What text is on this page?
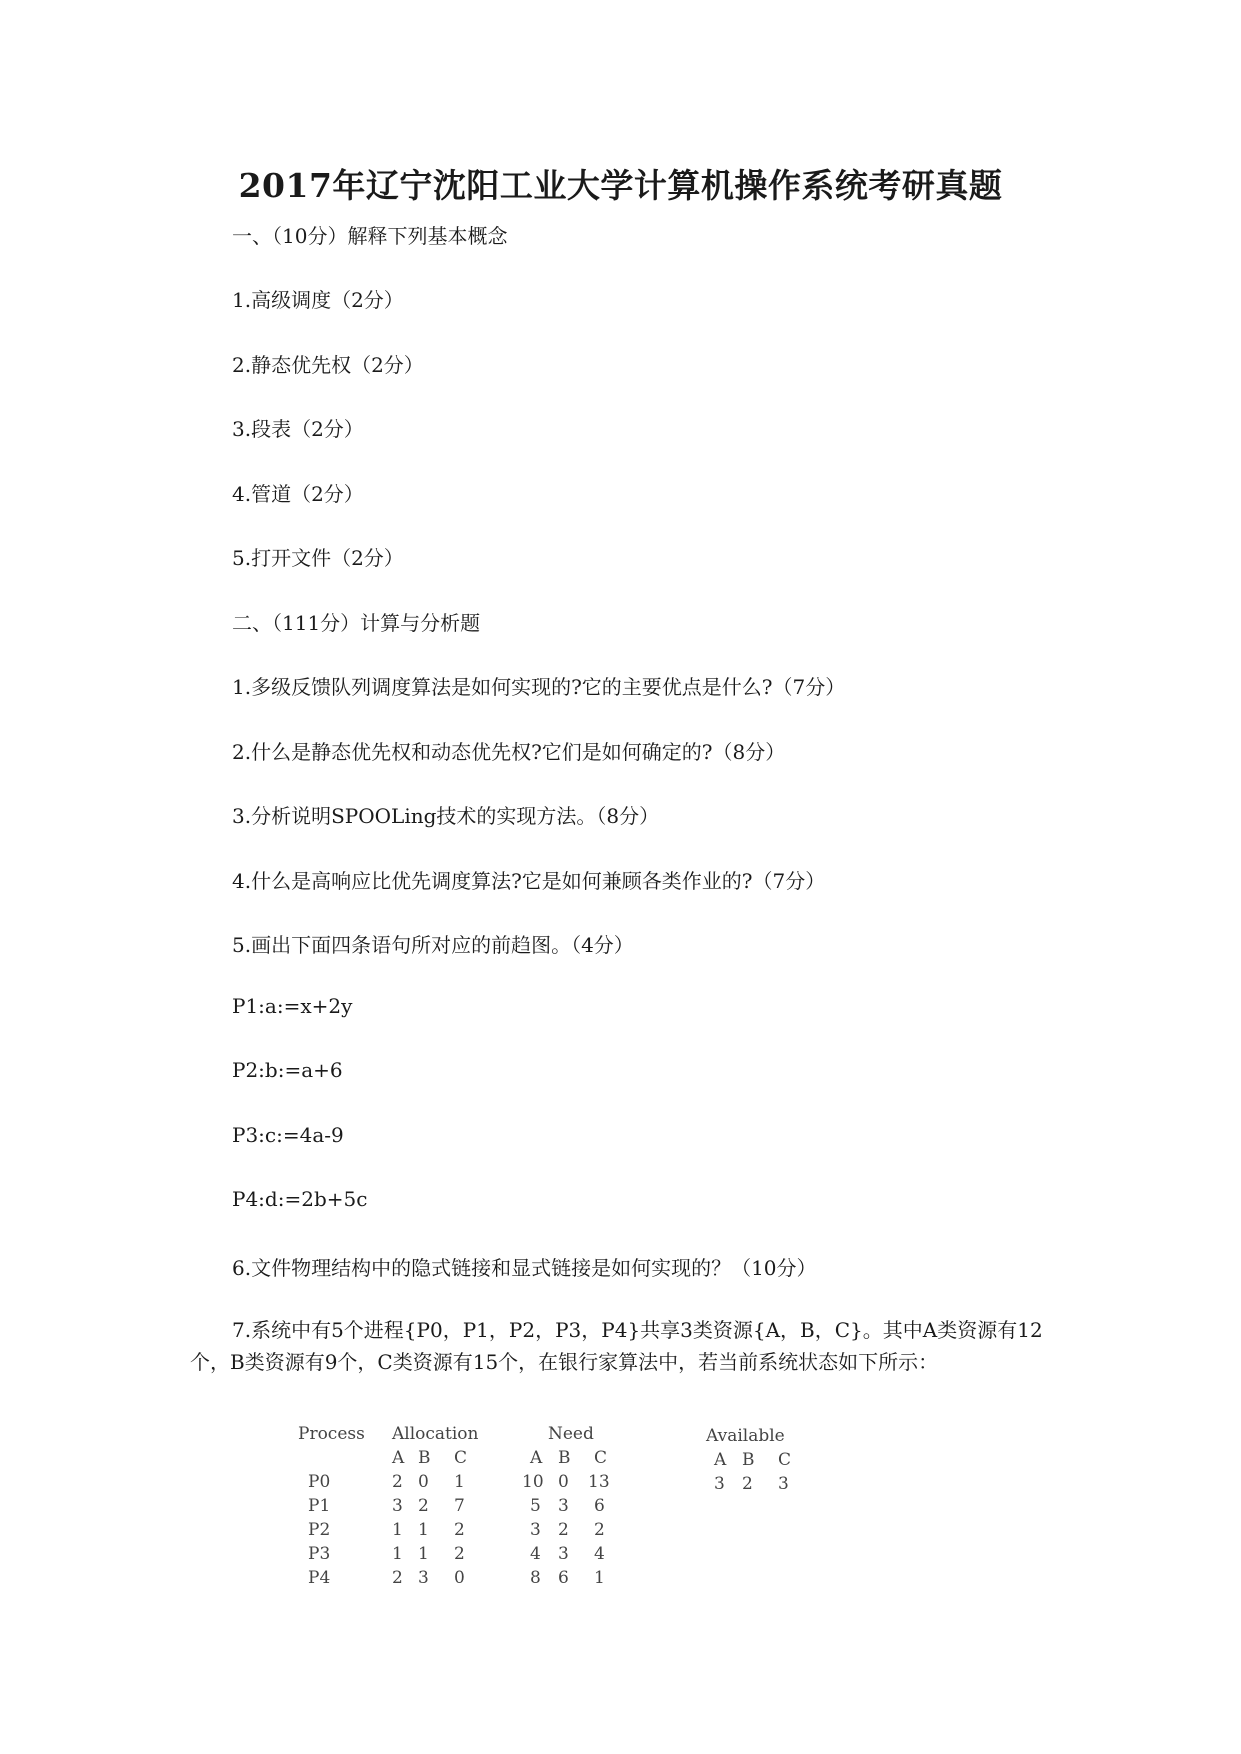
2017年辽宁沈阳工业大学计算机操作系统考研真题
一、（10分）解释下列基本概念
1.高级调度（2分）
2.静态优先权（2分）
3.段表（2分）
4.管道（2分）
5.打开文件（2分）
二、（111分）计算与分析题
1.多级反馈队列调度算法是如何实现的?它的主要优点是什么?（7分）
2.什么是静态优先权和动态优先权?它们是如何确定的?（8分）
3.分析说明SPOOLing技术的实现方法。（8分）
4.什么是高响应比优先调度算法?它是如何兼顾各类作业的?（7分）
5.画出下面四条语句所对应的前趋图。（4分）
P1:a:=x+2y
P2:b:=a+6
P3:c:=4a-9
P4:d:=2b+5c
6.文件物理结构中的隐式链接和显式链接是如何实现的？（10分）
7.系统中有5个进程{P0，P1，P2，P3，P4}共享3类资源{A，B，C}。其中A类资源有12个，B类资源有9个，C类资源有15个，在银行家算法中，若当前系统状态如下所示：
Process Allocation	Need	Available
A B C	A B C	A B C
P0	2 0 1	10 0 13	3 2 3
P1	3 2 7	5 3 6
P2	1 1 2	3 2 2
P3	1 1 2	4 3 4
P4	2 3 0	8 6 1
